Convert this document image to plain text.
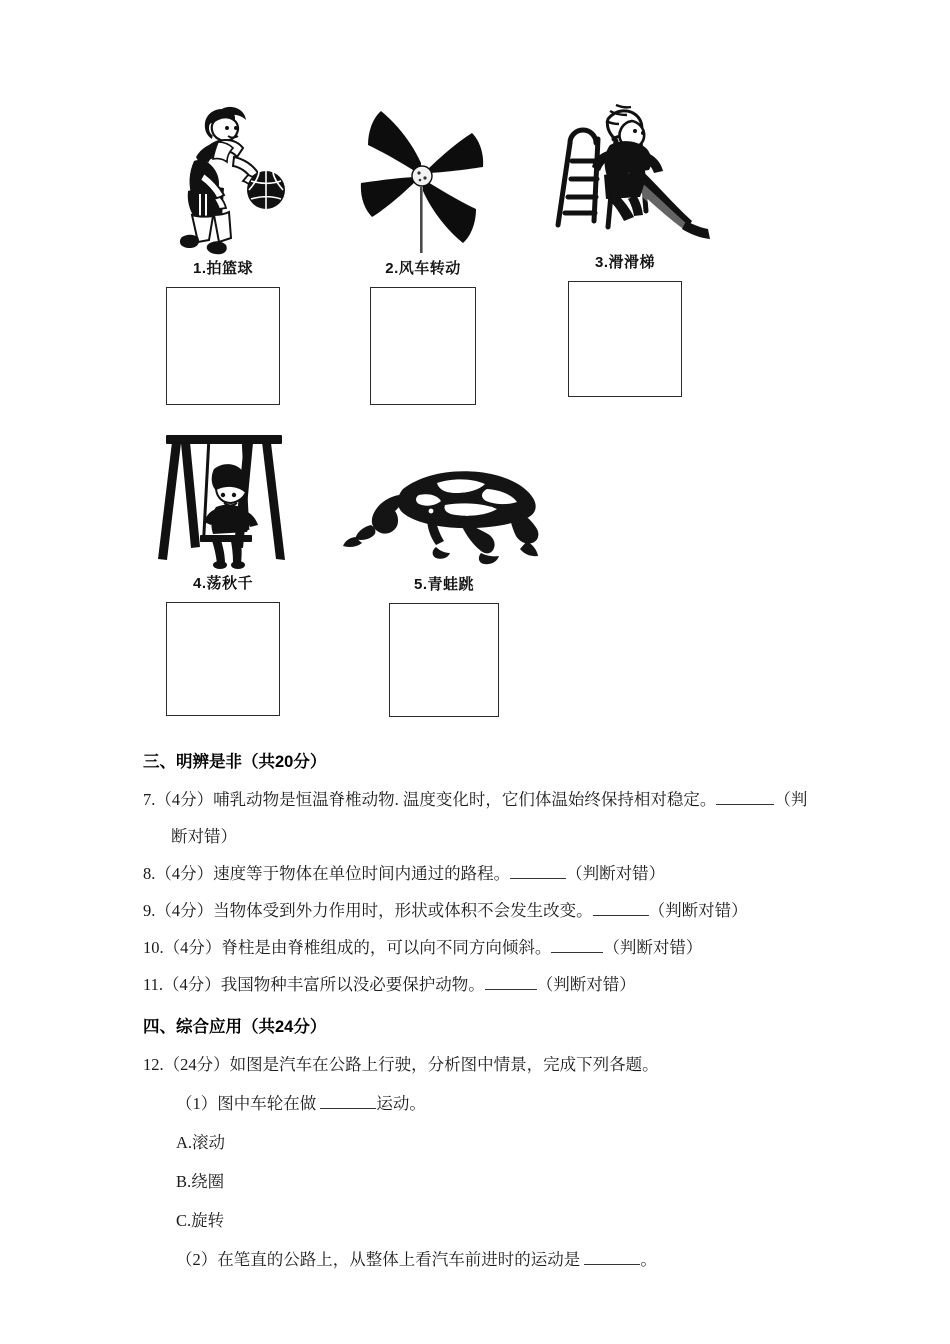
1.拍篮球	2.风车转动	3.滑滑梯
4.荡秋千	5.青蛙跳
三、明辨是非（共20分）
7.（4分）哺乳动物是恒温脊椎动物. 温度变化时，它们体温始终保持相对稳定。	（判
断对错）
8.（4分）速度等于物体在单位时间内通过的路程。	（判断对错）
9.（4分）当物体受到外力作用时，形状或体积不会发生改变。	（判断对错）
10.（4分）脊柱是由脊椎组成的，可以向不同方向倾斜。	（判断对错）
11.（4分）我国物种丰富所以没必要保护动物。	（判断对错）
四、综合应用（共24分）
12.（24分）如图是汽车在公路上行驶，分析图中情景，完成下列各题。
（1）图中车轮在做	运动。
A.滚动
B.绕圈
C.旋转
（2）在笔直的公路上，从整体上看汽车前进时的运动是	。
